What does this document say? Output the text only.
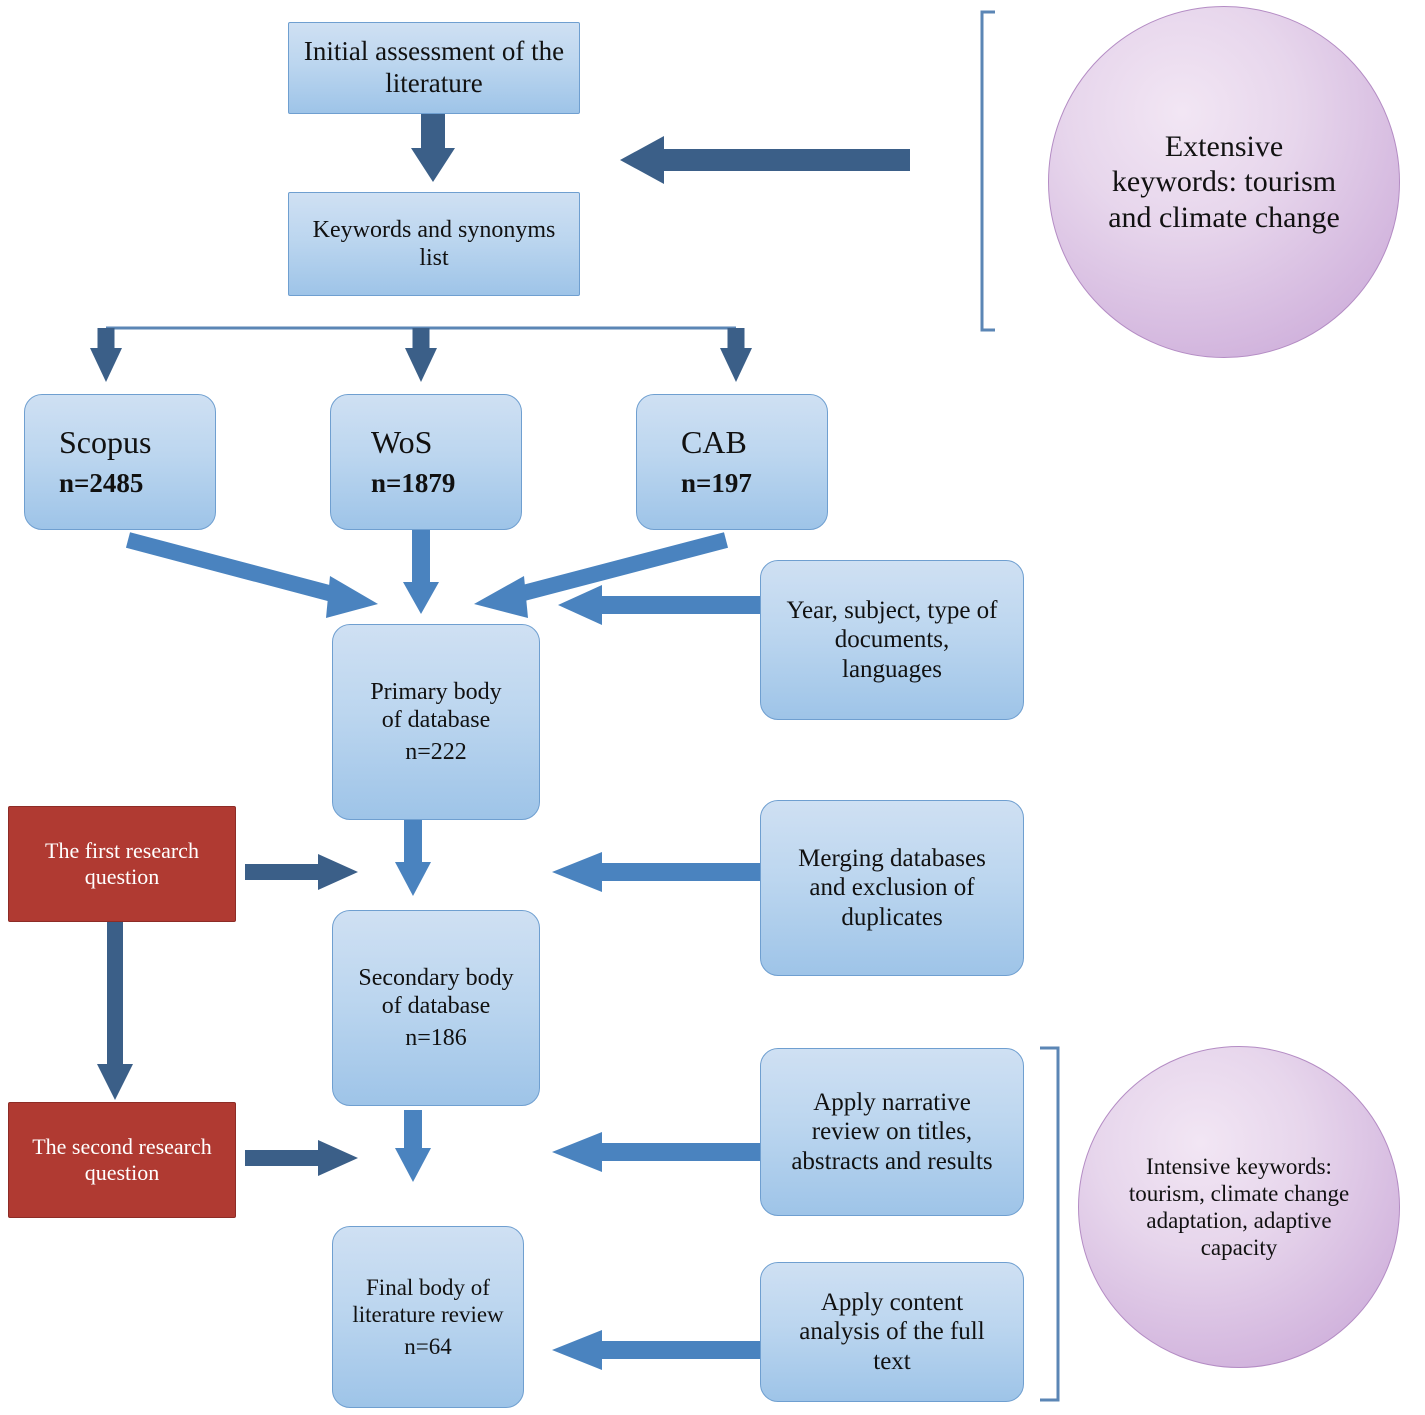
Initial assessment of the literature
Keywords and synonyms list
Scopus
n=2485
WoS
n=1879
CAB
n=197
Primary body of database
n=222
Secondary body of database
n=186
Final body of literature review
n=64
Year, subject, type of documents, languages
Merging databases and exclusion of duplicates
Apply narrative review on titles, abstracts and results
Apply content analysis of the full text
The first research question
The second research question
Extensive keywords: tourism and climate change
Intensive keywords: tourism, climate change adaptation, adaptive capacity
